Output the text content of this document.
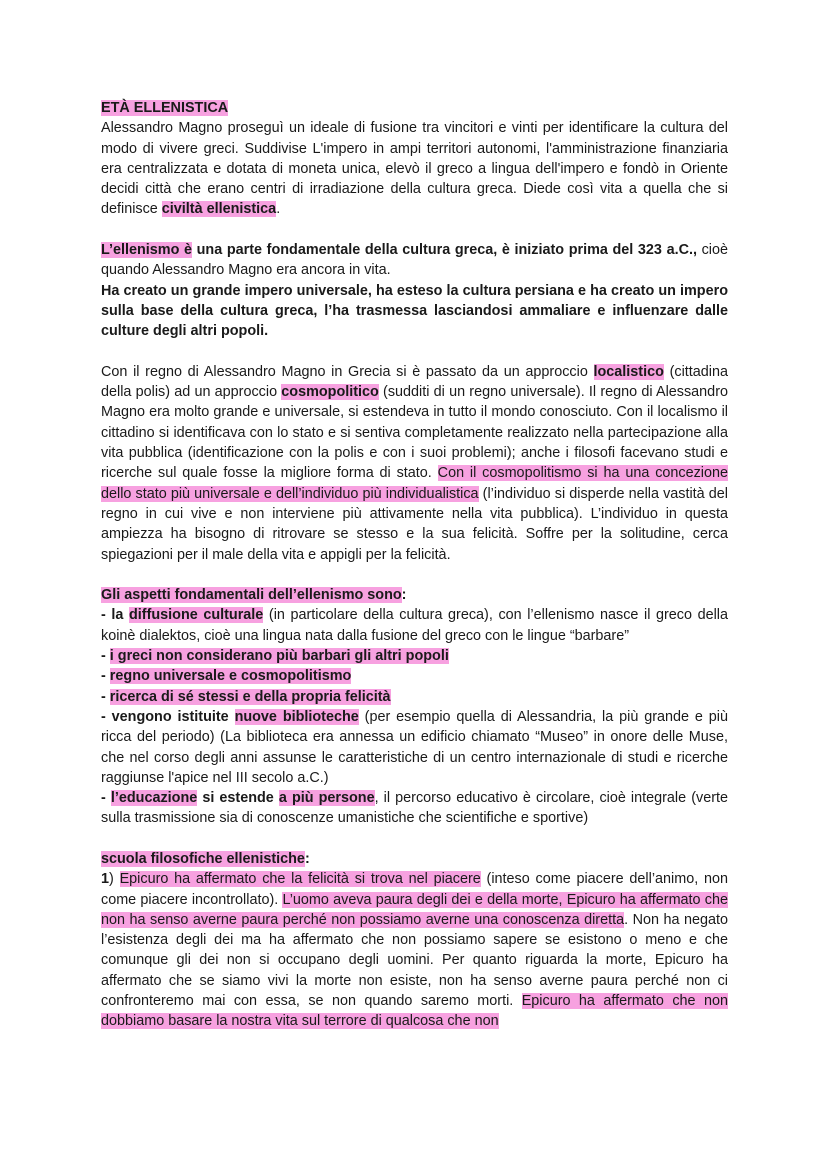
ETÀ ELLENISTICA

Alessandro Magno proseguì un ideale di fusione tra vincitori e vinti per identificare la cultura del modo di vivere greci. Suddivise L'impero in ampi territori autonomi, l'amministrazione finanziaria era centralizzata e dotata di moneta unica, elevò il greco a lingua dell'impero e fondò in Oriente decidi città che erano centri di irradiazione della cultura greca. Diede così vita a quella che si definisce civiltà ellenistica.

L’ellenismo è una parte fondamentale della cultura greca, è iniziato prima del 323 a.C., cioè quando Alessandro Magno era ancora in vita.

Ha creato un grande impero universale, ha esteso la cultura persiana e ha creato un impero sulla base della cultura greca, l’ha trasmessa lasciandosi ammaliare e influenzare dalle culture degli altri popoli.

Con il regno di Alessandro Magno in Grecia si è passato da un approccio localistico (cittadina della polis) ad un approccio cosmopolitico (sudditi di un regno universale). Il regno di Alessandro Magno era molto grande e universale, si estendeva in tutto il mondo conosciuto. Con il localismo il cittadino si identificava con lo stato e si sentiva completamente realizzato nella partecipazione alla vita pubblica (identificazione con la polis e con i suoi problemi); anche i filosofi facevano studi e ricerche sul quale fosse la migliore forma di stato. Con il cosmopolitismo si ha una concezione dello stato più universale e dell’individuo più individualistica (l’individuo si disperde nella vastità del regno in cui vive e non interviene più attivamente nella vita pubblica). L’individuo in questa ampiezza ha bisogno di ritrovare se stesso e la sua felicità. Soffre per la solitudine, cerca spiegazioni per il male della vita e appigli per la felicità.

Gli aspetti fondamentali dell’ellenismo sono:

- la diffusione culturale (in particolare della cultura greca), con l’ellenismo nasce il greco della koinè dialektos, cioè una lingua nata dalla fusione del greco con le lingue “barbare”

- i greci non considerano più barbari gli altri popoli

- regno universale e cosmopolitismo

- ricerca di sé stessi e della propria felicità

- vengono istituite nuove biblioteche (per esempio quella di Alessandria, la più grande e più ricca del periodo) (La biblioteca era annessa un edificio chiamato “Museo” in onore delle Muse, che nel corso degli anni assunse le caratteristiche di un centro internazionale di studi e ricerche raggiunse l'apice nel III secolo a.C.)

- l’educazione si estende a più persone, il percorso educativo è circolare, cioè integrale (verte sulla trasmissione sia di conoscenze umanistiche che scientifiche e sportive)

scuola filosofiche ellenistiche:

1) Epicuro ha affermato che la felicità si trova nel piacere (inteso come piacere dell’animo, non come piacere incontrollato). L’uomo aveva paura degli dei e della morte, Epicuro ha affermato che non ha senso averne paura perché non possiamo averne una conoscenza diretta. Non ha negato l’esistenza degli dei ma ha affermato che non possiamo sapere se esistono o meno e che comunque gli dei non si occupano degli uomini. Per quanto riguarda la morte, Epicuro ha affermato che se siamo vivi la morte non esiste, non ha senso averne paura perché non ci confronteremo mai con essa, se non quando saremo morti. Epicuro ha affermato che non dobbiamo basare la nostra vita sul terrore di qualcosa che non
